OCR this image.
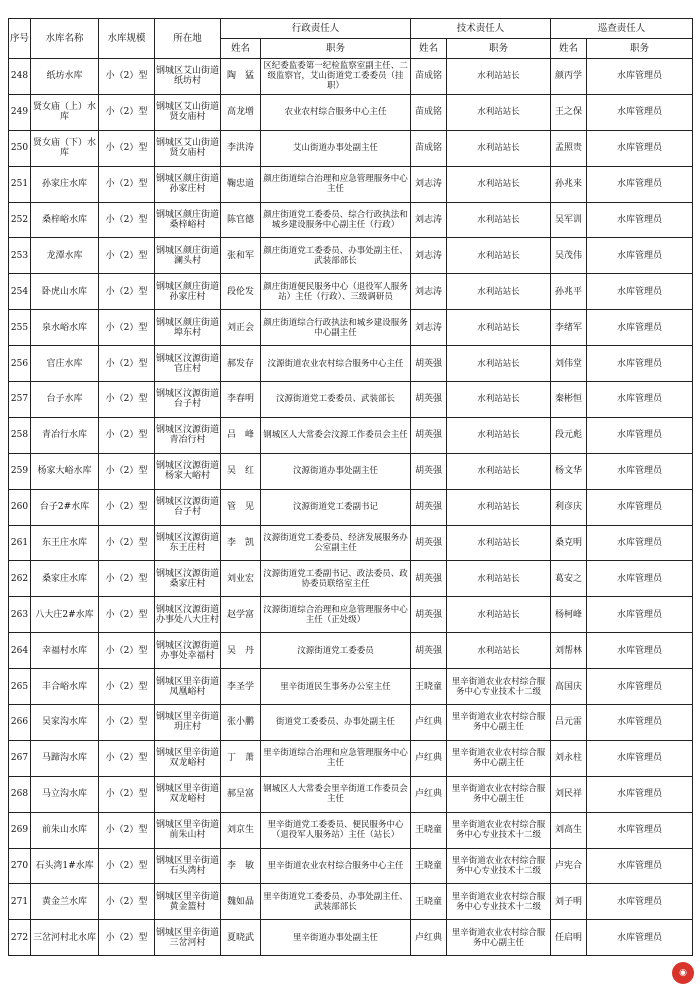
序号	水库名称	水库规模	所在地	行政责任人		技术责任人		巡查责任人	
				姓名	职务	姓名	职务	姓名	职务
248	纸坊水库	小（2）型	钢城区艾山街道纸坊村	陶　猛	区纪委监委第一纪检监察室副主任、二级监察官，艾山街道党工委委员（挂职）	苗成铭	水利站站长	颜丙学	水库管理员
249	贤女庙（上）水库	小（2）型	钢城区艾山街道贤女庙村	高龙增	农业农村综合服务中心主任	苗成铭	水利站站长	王之保	水库管理员
250	贤女庙（下）水库	小（2）型	钢城区艾山街道贤女庙村	李洪涛	艾山街道办事处副主任	苗成铭	水利站站长	孟照贵	水库管理员
251	孙家庄水库	小（2）型	钢城区颜庄街道孙家庄村	鞠忠道	颜庄街道综合治理和应急管理服务中心主任	刘志涛	水利站站长	孙兆来	水库管理员
252	桑梓峪水库	小（2）型	钢城区颜庄街道桑梓峪村	陈官德	颜庄街道党工委委员、综合行政执法和城乡建设服务中心副主任（行政）	刘志涛	水利站站长	吴军训	水库管理员
253	龙潭水库	小（2）型	钢城区颜庄街道澜头村	张和军	颜庄街道党工委委员、办事处副主任、武装部部长	刘志涛	水利站站长	吴茂伟	水库管理员
254	卧虎山水库	小（2）型	钢城区颜庄街道孙家庄村	段伦发	颜庄街道便民服务中心（退役军人服务站）主任（行政）、三级调研员	刘志涛	水利站站长	孙兆平	水库管理员
255	泉水峪水库	小（2）型	钢城区颜庄街道埠东村	刘正会	颜庄街道综合行政执法和城乡建设服务中心副主任	刘志涛	水利站站长	李绪军	水库管理员
256	官庄水库	小（2）型	钢城区汶源街道官庄村	郝发存	汶源街道农业农村综合服务中心主任	胡英强	水利站站长	刘伟堂	水库管理员
257	台子水库	小（2）型	钢城区汶源街道台子村	李春明	汶源街道党工委委员、武装部长	胡英强	水利站站长	秦彬恒	水库管理员
258	青冶行水库	小（2）型	钢城区汶源街道青冶行村	吕　峰	钢城区人大常委会汶源工作委员会主任	胡英强	水利站站长	段元彪	水库管理员
259	杨家大峪水库	小（2）型	钢城区汶源街道杨家大峪村	吴　红	汶源街道办事处副主任	胡英强	水利站站长	杨文华	水库管理员
260	台子2#水库	小（2）型	钢城区汶源街道台子村	管　见	汶源街道党工委副书记	胡英强	水利站站长	利彦庆	水库管理员
261	东王庄水库	小（2）型	钢城区汶源街道东王庄村	李　凯	汶源街道党工委委员、经济发展服务办公室副主任	胡英强	水利站站长	桑克明	水库管理员
262	桑家庄水库	小（2）型	钢城区汶源街道桑家庄村	刘业宏	汶源街道党工委副书记、政法委员、政协委员联络室主任	胡英强	水利站站长	葛安之	水库管理员
263	八大庄2#水库	小（2）型	钢城区汶源街道办事处八大庄村	赵学富	汶源街道综合治理和应急管理服务中心主任（正处级）	胡英强	水利站站长	杨柯峰	水库管理员
264	幸福村水库	小（2）型	钢城区汶源街道办事处幸福村	吴　丹	汶源街道党工委委员	胡英强	水利站站长	刘帮林	水库管理员
265	丰合峪水库	小（2）型	钢城区里辛街道凤凰峪村	李圣学	里辛街道民生事务办公室主任	王晓童	里辛街道农业农村综合服务中心专业技术十二级	高国庆	水库管理员
266	吴家沟水库	小（2）型	钢城区里辛街道玥庄村	张小鹏	街道党工委委员、办事处副主任	卢红典	里辛街道农业农村综合服务中心副主任	吕元雷	水库管理员
267	马蹄沟水库	小（2）型	钢城区里辛街道双龙峪村	丁　萧	里辛街道综合治理和应急管理服务中心主任	卢红典	里辛街道农业农村综合服务中心副主任	刘永柱	水库管理员
268	马立沟水库	小（2）型	钢城区里辛街道双龙峪村	郝呈富	钢城区人大常委会里辛街道工作委员会主任	卢红典	里辛街道农业农村综合服务中心副主任	刘民祥	水库管理员
269	前朱山水库	小（2）型	钢城区里辛街道前朱山村	刘京生	里辛街道党工委委员、便民服务中心（退役军人服务站）主任（站长）	王晓童	里辛街道农业农村综合服务中心专业技术十二级	刘高生	水库管理员
270	石头湾1#水库	小（2）型	钢城区里辛街道石头湾村	李　敏	里辛街道农业农村综合服务中心主任	王晓童	里辛街道农业农村综合服务中心专业技术十二级	卢宪合	水库管理员
271	黄金兰水库	小（2）型	钢城区里辛街道黄金篮村	魏如晶	里辛街道党工委委员、办事处副主任、武装部部长	王晓童	里辛街道农业农村综合服务中心专业技术十二级	刘子明	水库管理员
272	三岔河村北水库	小（2）型	钢城区里辛街道三岔河村	夏晓武	里辛街道办事处副主任	卢红典	里辛街道农业农村综合服务中心副主任	任启明	水库管理员
◉
